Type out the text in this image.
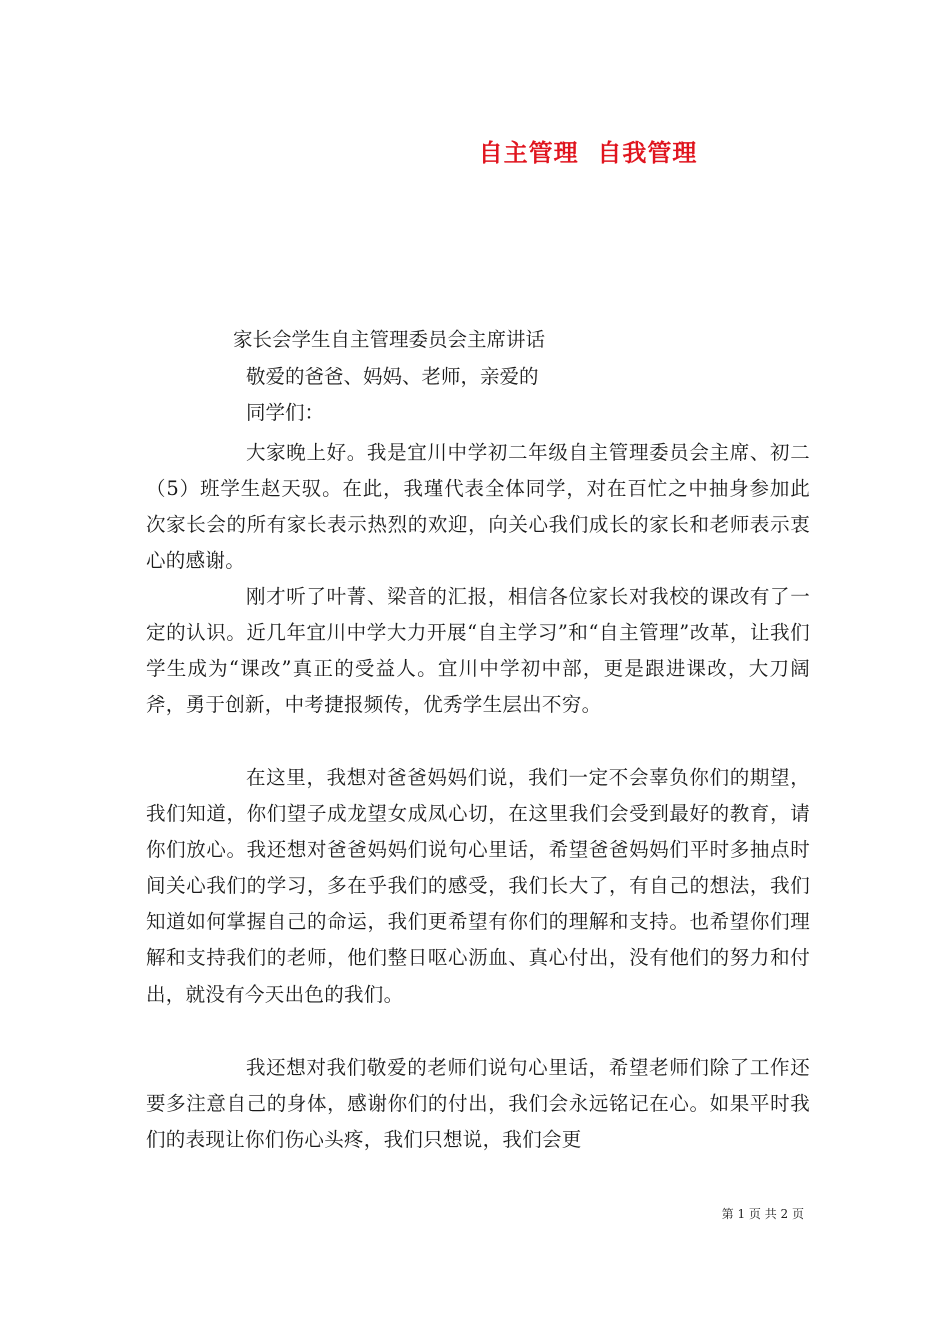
自主管理  自我管理
家长会学生自主管理委员会主席讲话
敬爱的爸爸、妈妈、老师，亲爱的
同学们：

大家晚上好。我是宜川中学初二年级自主管理委员会主席、初二（5）班学生赵天驭。在此，我瑾代表全体同学，对在百忙之中抽身参加此次家长会的所有家长表示热烈的欢迎，向关心我们成长的家长和老师表示衷心的感谢。

刚才听了叶菁、梁音的汇报，相信各位家长对我校的课改有了一定的认识。近几年宜川中学大力开展“自主学习”和“自主管理”改革，让我们学生成为“课改”真正的受益人。宜川中学初中部，更是跟进课改，大刀阔斧，勇于创新，中考捷报频传，优秀学生层出不穷。

在这里，我想对爸爸妈妈们说，我们一定不会辜负你们的期望，我们知道，你们望子成龙望女成凤心切，在这里我们会受到最好的教育，请你们放心。我还想对爸爸妈妈们说句心里话，希望爸爸妈妈们平时多抽点时间关心我们的学习，多在乎我们的感受，我们长大了，有自己的想法，我们知道如何掌握自己的命运，我们更希望有你们的理解和支持。也希望你们理解和支持我们的老师，他们整日呕心沥血、真心付出，没有他们的努力和付出，就没有今天出色的我们。

我还想对我们敬爱的老师们说句心里话，希望老师们除了工作还要多注意自己的身体，感谢你们的付出，我们会永远铭记在心。如果平时我们的表现让你们伤心头疼，我们只想说，我们会更

第 1 页 共 2 页
